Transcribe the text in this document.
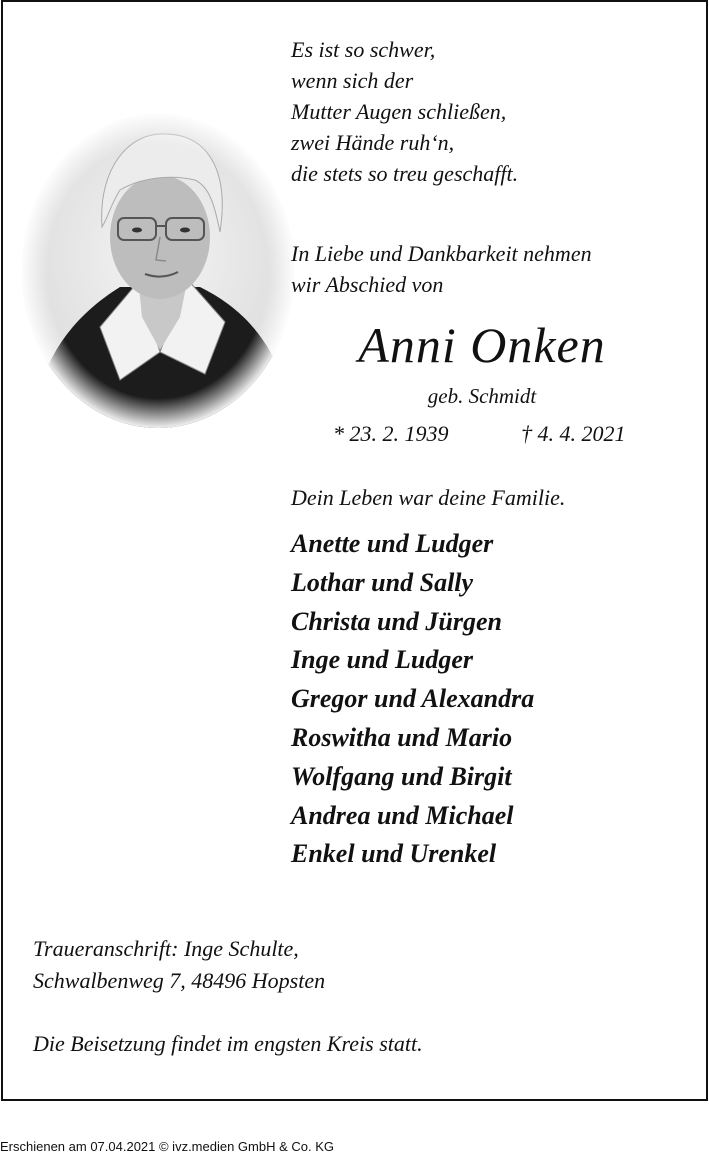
Es ist so schwer,
wenn sich der
Mutter Augen schließen,
zwei Hände ruh‘n,
die stets so treu geschafft.
In Liebe und Dankbarkeit nehmen
wir Abschied von
Anni Onken
geb. Schmidt
* 23. 2. 1939	† 4. 4. 2021
Dein Leben war deine Familie.
Anette und Ludger
Lothar und Sally
Christa und Jürgen
Inge und Ludger
Gregor und Alexandra
Roswitha und Mario
Wolfgang und Birgit
Andrea und Michael
Enkel und Urenkel
Traueranschrift: Inge Schulte,
Schwalbenweg 7, 48496 Hopsten
Die Beisetzung findet im engsten Kreis statt.
Erschienen am 07.04.2021 © ivz.medien GmbH & Co. KG
